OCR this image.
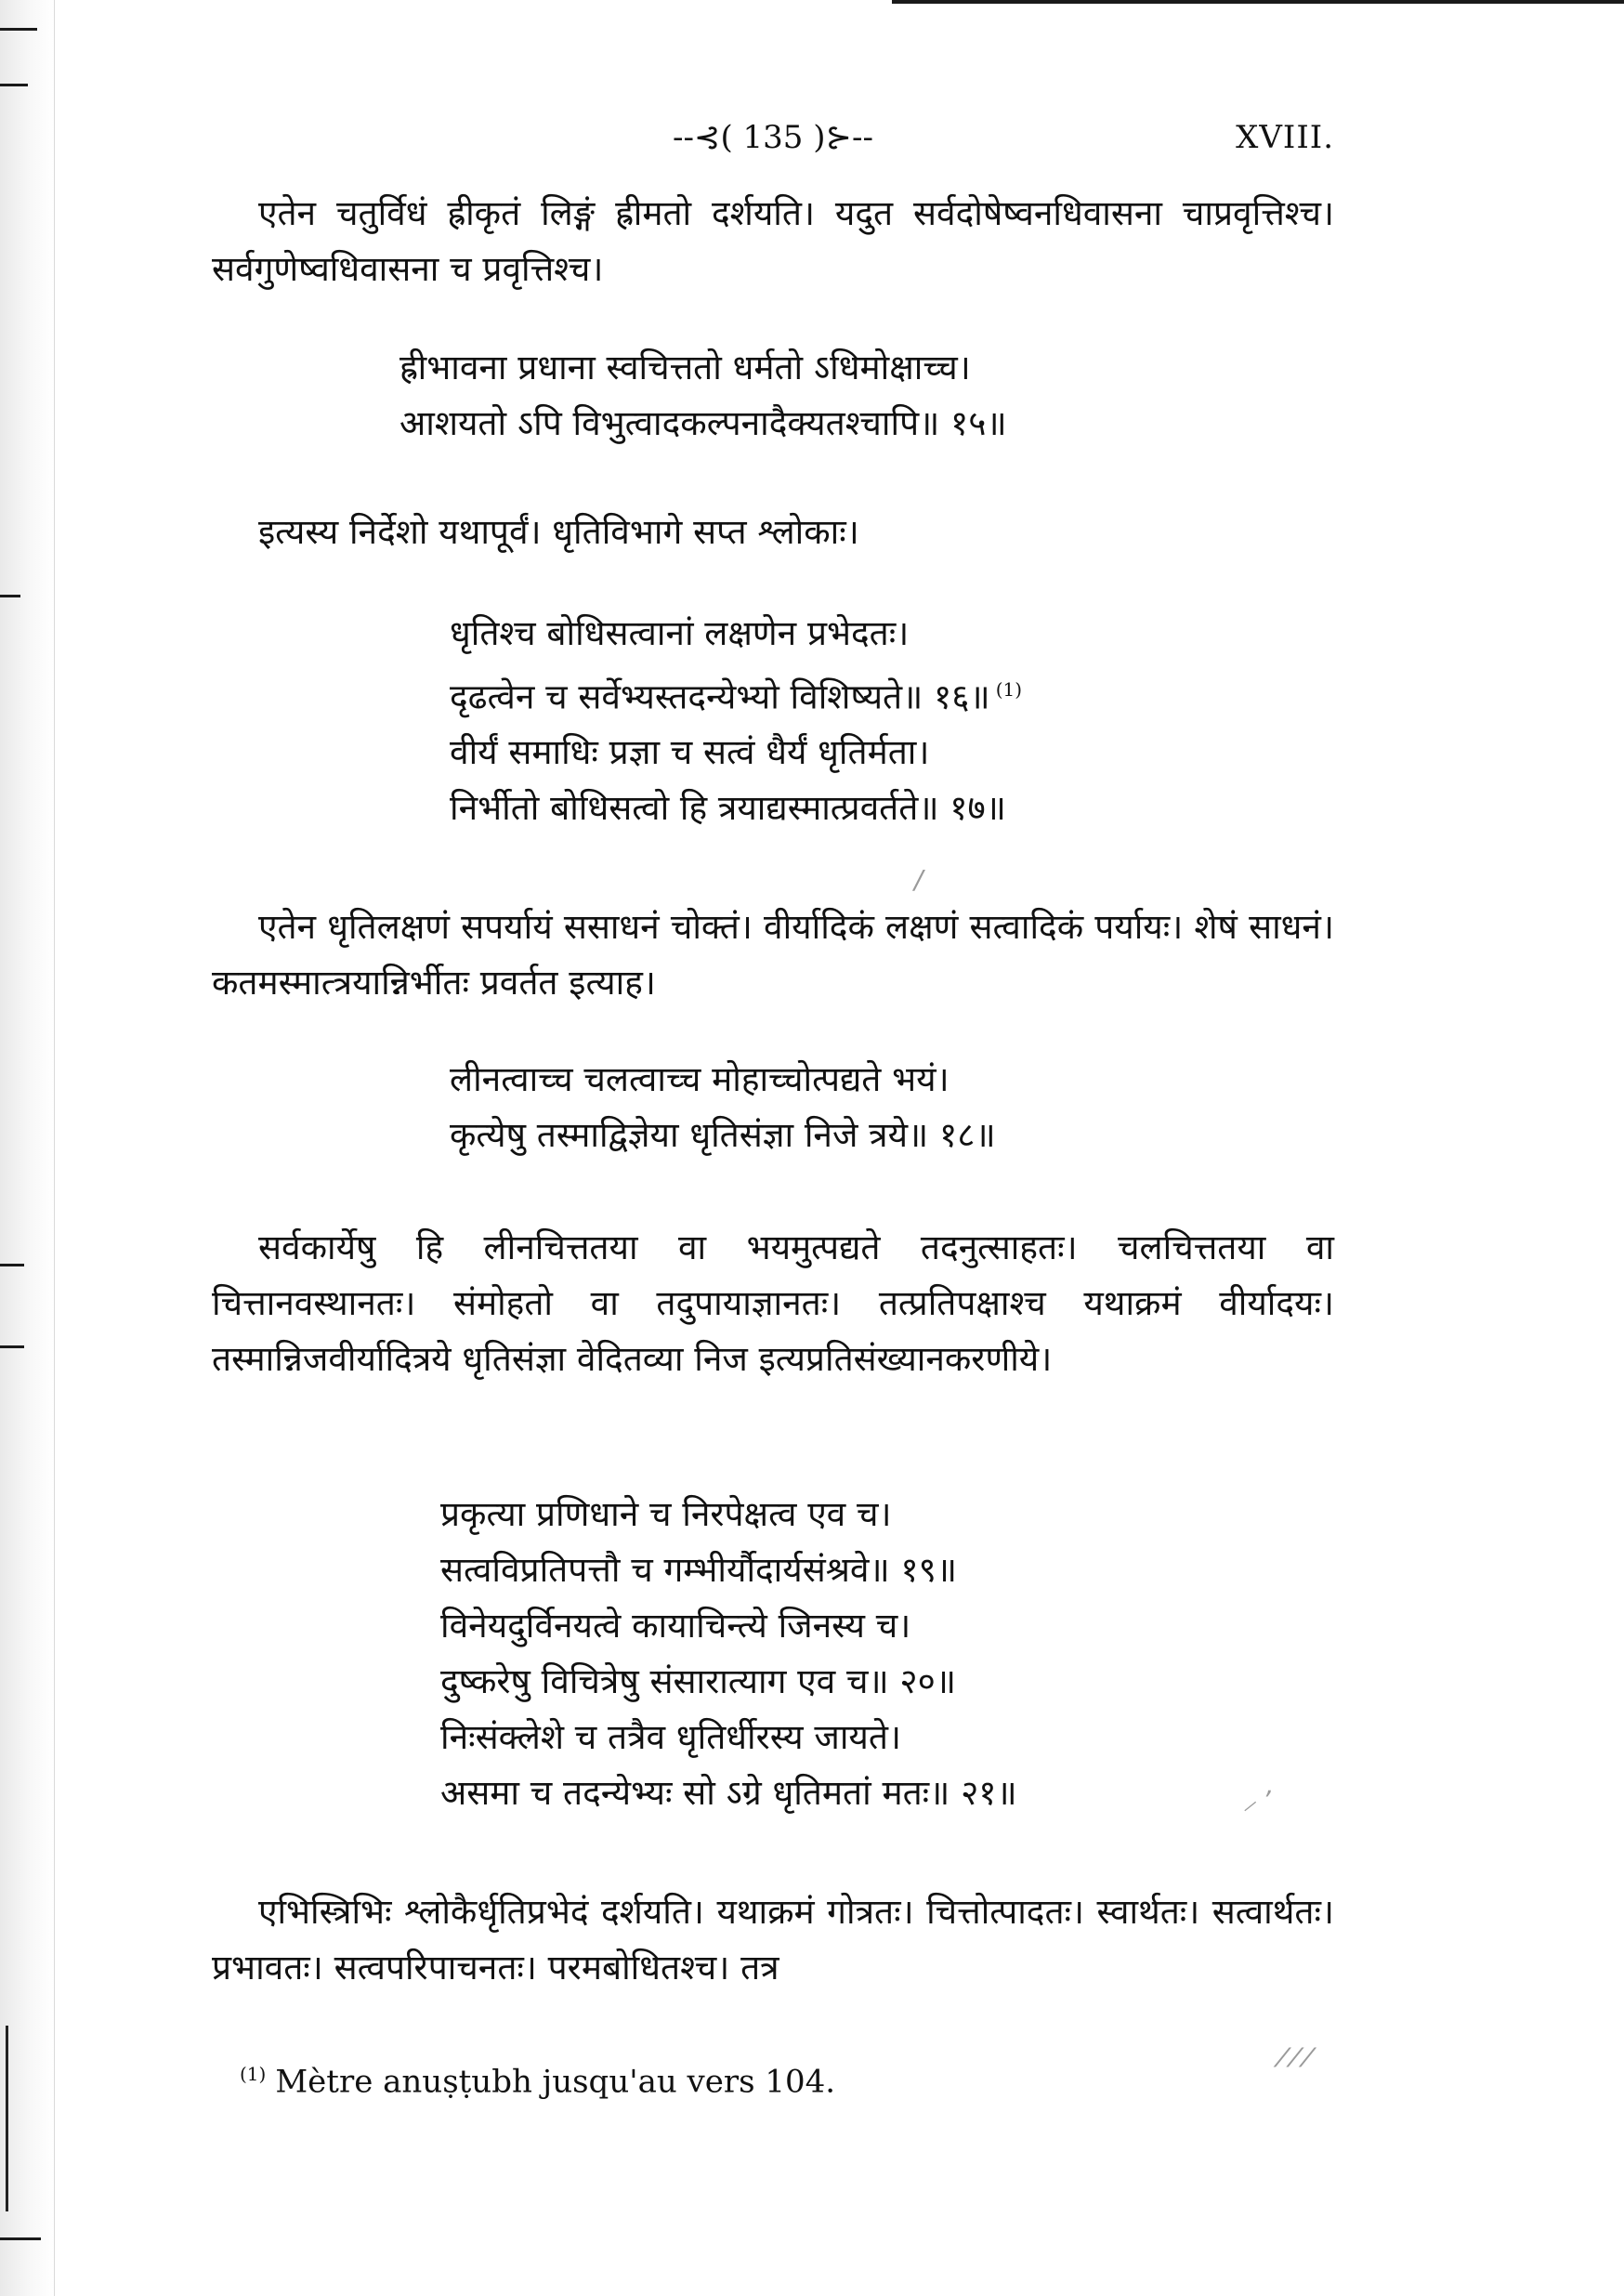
--⊰( 135 )⊱--	XVIII.

एतेन चतुर्विधं ह्रीकृतं लिङ्गं ह्रीमतो दर्शयति। यदुत सर्वदोषेष्वनधिवासना चाप्रवृत्तिश्च। सर्वगुणेष्वधिवासना च प्रवृत्तिश्च।

ह्रीभावना प्रधाना स्वचित्ततो धर्मतो ऽधिमोक्षाच्च।
आशयतो ऽपि विभुत्वादकल्पनादैक्यतश्चापि॥ १५॥

इत्यस्य निर्देशो यथापूर्वं। धृतिविभागे सप्त श्लोकाः।

धृतिश्च बोधिसत्वानां लक्षणेन प्रभेदतः।
दृढत्वेन च सर्वेभ्यस्तदन्येभ्यो विशिष्यते॥ १६॥ $^{(1)}$
वीर्यं समाधिः प्रज्ञा च सत्वं धैर्यं धृतिर्मता।
निर्भीतो बोधिसत्वो हि त्रयाद्यस्मात्प्रवर्तते॥ १७॥

एतेन धृतिलक्षणं सपर्यायं ससाधनं चोक्तं। वीर्यादिकं लक्षणं सत्वादिकं पर्यायः। शेषं साधनं। कतमस्मात्त्रयान्निर्भीतः प्रवर्तत इत्याह।

लीनत्वाच्च चलत्वाच्च मोहाच्चोत्पद्यते भयं।
कृत्येषु तस्माद्विज्ञेया धृतिसंज्ञा निजे त्रये॥ १८॥

सर्वकार्येषु हि लीनचित्ततया वा भयमुत्पद्यते तदनुत्साहतः। चलचित्ततया वा चित्तानवस्थानतः। संमोहतो वा तदुपायाज्ञानतः। तत्प्रतिपक्षाश्च यथाक्रमं वीर्यादयः। तस्मान्निजवीर्यादित्रये धृतिसंज्ञा वेदितव्या निज इत्यप्रतिसंख्यानकरणीये।

प्रकृत्या प्रणिधाने च निरपेक्षत्व एव च।
सत्वविप्रतिपत्तौ च गम्भीर्यौदार्यसंश्रवे॥ १९॥
विनेयदुर्विनयत्वे कायाचिन्त्ये जिनस्य च।
दुष्करेषु विचित्रेषु संसारात्याग एव च॥ २०॥
निःसंक्लेशे च तत्रैव धृतिर्धीरस्य जायते।
असमा च तदन्येभ्यः सो ऽग्रे धृतिमतां मतः॥ २१॥

एभिस्त्रिभिः श्लोकैर्धृतिप्रभेदं दर्शयति। यथाक्रमं गोत्रतः। चित्तोत्पादतः। स्वार्थतः। सत्वार्थतः। प्रभावतः। सत्वपरिपाचनतः। परमबोधितश्च। तत्र

$^{(1)}$ Mètre anuṣṭubh jusqu'au vers 104.
⸝ ʼ
⁄ ⁄ ⁄
/
